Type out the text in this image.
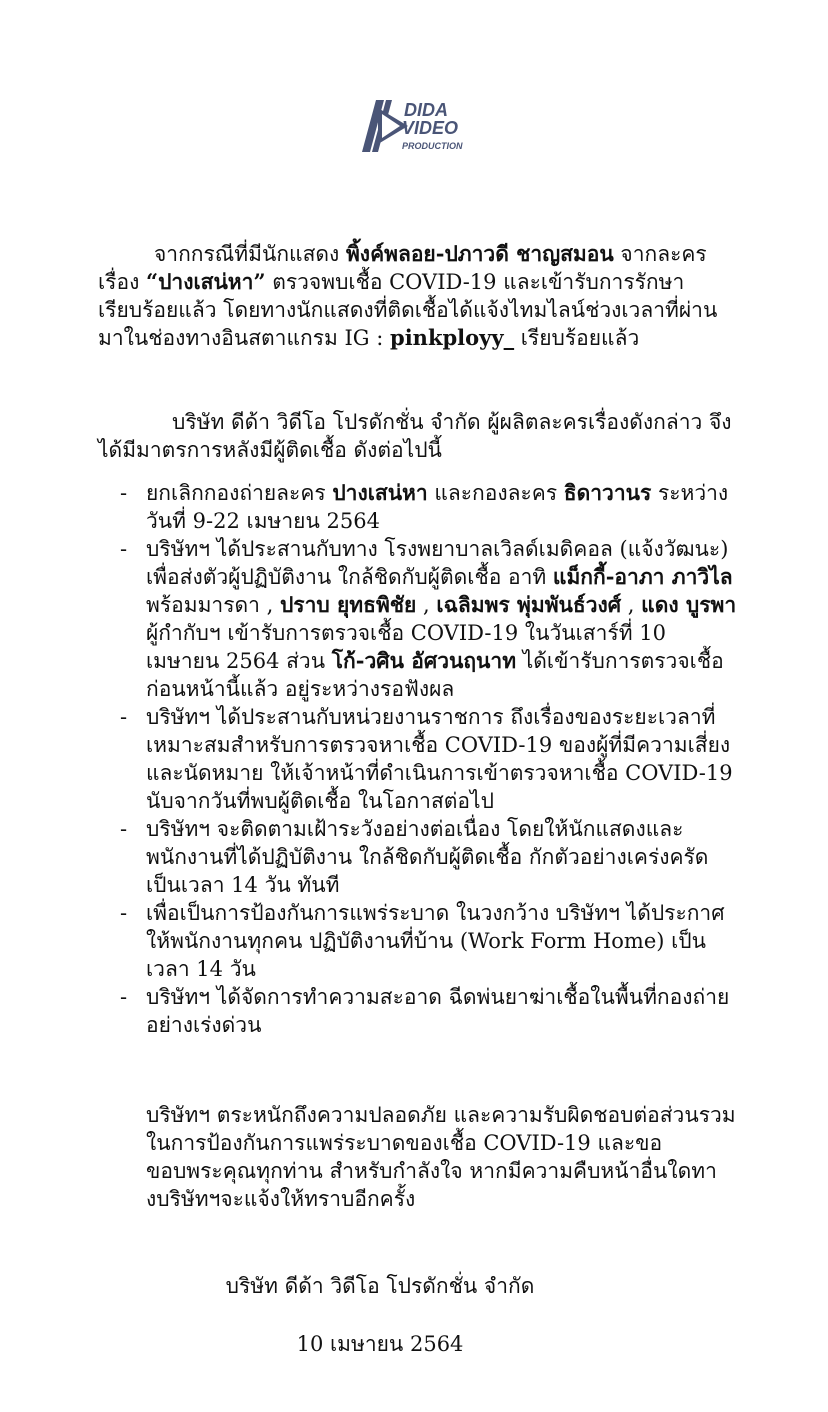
DIDA
VIDEO
PRODUCTION

จากกรณีที่มีนักแสดง พิ้งค์พลอย-ปภาวดี ชาญสมอน จากละคร เรื่อง “ปางเสน่หา” ตรวจพบเชื้อ COVID-19 และเข้ารับการรักษาเรียบร้อยแล้ว โดยทางนักแสดงที่ติดเชื้อได้แจ้งไทมไลน์ช่วงเวลาที่ผ่านมาในช่องทางอินสตาแกรม IG : pinkployy_ เรียบร้อยแล้ว

บริษัท ดีด้า วิดีโอ โปรดักชั่น จำกัด ผู้ผลิตละครเรื่องดังกล่าว จึงได้มีมาตรการหลังมีผู้ติดเชื้อ ดังต่อไปนี้

- ยกเลิกกองถ่ายละคร ปางเสน่หา และกองละคร ธิดาวานร ระหว่างวันที่ 9-22 เมษายน 2564
- บริษัทฯ ได้ประสานกับทาง โรงพยาบาลเวิลด์เมดิคอล (แจ้งวัฒนะ) เพื่อส่งตัวผู้ปฏิบัติงาน ใกล้ชิดกับผู้ติดเชื้อ อาทิ แม็กกี้-อาภา ภาวิไล พร้อมมารดา , ปราบ ยุทธพิชัย , เฉลิมพร พุ่มพันธ์วงศ์ , แดง บูรพา ผู้กำกับฯ เข้ารับการตรวจเชื้อ COVID-19 ในวันเสาร์ที่ 10 เมษายน 2564 ส่วน โก้-วศิน อัศวนฤนาท ได้เข้ารับการตรวจเชื้อก่อนหน้านี้แล้ว อยู่ระหว่างรอฟังผล
- บริษัทฯ ได้ประสานกับหน่วยงานราชการ ถึงเรื่องของระยะเวลาที่เหมาะสมสำหรับการตรวจหาเชื้อ COVID-19 ของผู้ที่มีความเสี่ยง และนัดหมาย ให้เจ้าหน้าที่ดำเนินการเข้าตรวจหาเชื้อ COVID-19 นับจากวันที่พบผู้ติดเชื้อ ในโอกาสต่อไป
- บริษัทฯ จะติดตามเฝ้าระวังอย่างต่อเนื่อง โดยให้นักแสดงและพนักงานที่ได้ปฏิบัติงาน ใกล้ชิดกับผู้ติดเชื้อ กักตัวอย่างเคร่งครัดเป็นเวลา 14 วัน ทันที
- เพื่อเป็นการป้องกันการแพร่ระบาด ในวงกว้าง บริษัทฯ ได้ประกาศให้พนักงานทุกคน ปฏิบัติงานที่บ้าน (Work Form Home) เป็นเวลา 14 วัน
- บริษัทฯ ได้จัดการทำความสะอาด ฉีดพ่นยาฆ่าเชื้อในพื้นที่กองถ่ายอย่างเร่งด่วน

บริษัทฯ ตระหนักถึงความปลอดภัย และความรับผิดชอบต่อส่วนรวม ในการป้องกันการแพร่ระบาดของเชื้อ COVID-19 และขอขอบพระคุณทุกท่าน สำหรับกำลังใจ หากมีความคืบหน้าอื่นใดทางบริษัทฯจะแจ้งให้ทราบอีกครั้ง

บริษัท ดีด้า วิดีโอ โปรดักชั่น จำกัด
10 เมษายน 2564
